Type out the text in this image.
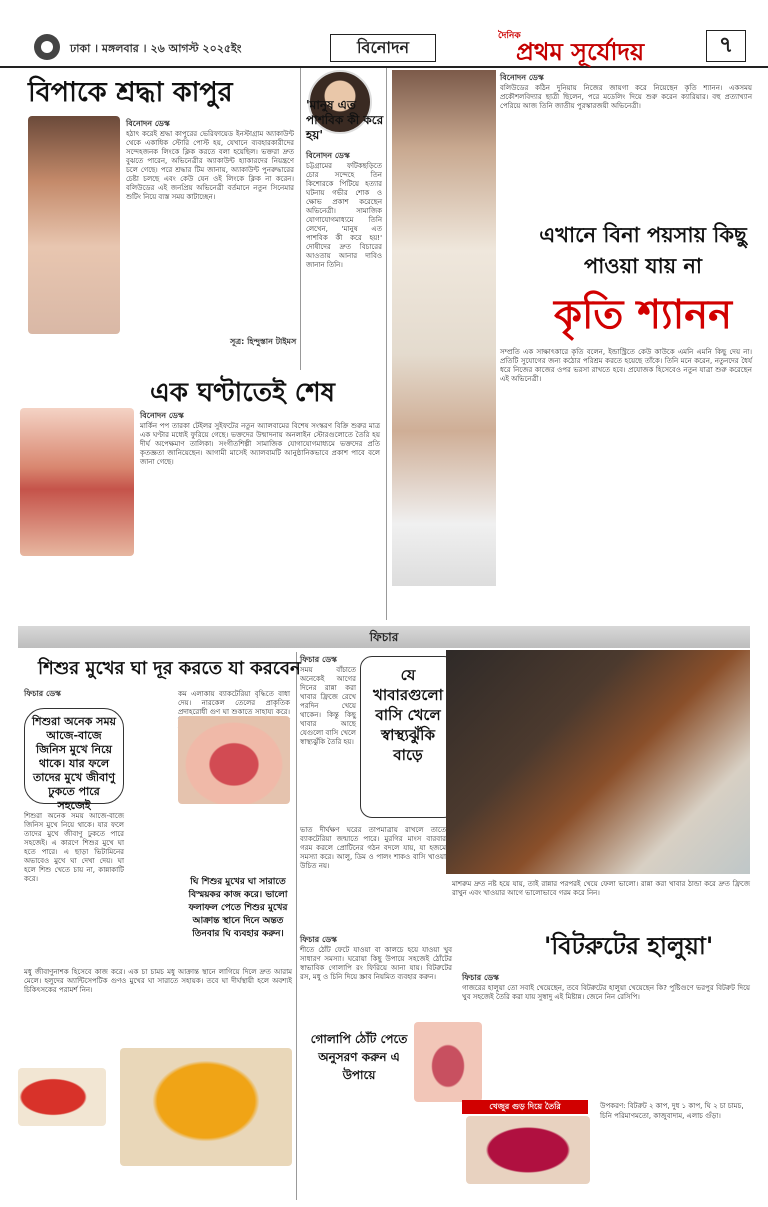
ঢাকা । মঙ্গলবার । ২৬ আগস্ট ২০২৫ইং	বিনোদন
দৈনিক
প্রথম সূর্যোদয়	৭
বিপাকে শ্রদ্ধা কাপুর
বিনোদন ডেস্ক
হঠাৎ করেই শ্রদ্ধা কাপুরের ভেরিফায়েড ইনস্টাগ্রাম অ্যাকাউন্ট থেকে একাধিক স্টোরি পোস্ট হয়, যেখানে ব্যবহারকারীদের সন্দেহজনক লিংকে ক্লিক করতে বলা হয়েছিল। ভক্তরা দ্রুত বুঝতে পারেন, অভিনেত্রীর অ্যাকাউন্ট হ্যাকারদের নিয়ন্ত্রণে চলে গেছে। পরে শ্রদ্ধার টিম জানায়, অ্যাকাউন্ট পুনরুদ্ধারের চেষ্টা চলছে এবং কেউ যেন ওই লিংকে ক্লিক না করেন। বলিউডের এই জনপ্রিয় অভিনেত্রী বর্তমানে নতুন সিনেমার শুটিং নিয়ে ব্যস্ত সময় কাটাচ্ছেন।
সূত্র: হিন্দুস্তান টাইমস
'মানুষ এত পাশবিক কী করে হয়'
বিনোদন ডেস্ক
চট্টগ্রামের ফটিকছড়িতে চোর সন্দেহে তিন কিশোরকে পিটিয়ে হত্যার ঘটনায় গভীর শোক ও ক্ষোভ প্রকাশ করেছেন অভিনেত্রী। সামাজিক যোগাযোগমাধ্যমে তিনি লেখেন, 'মানুষ এত পাশবিক কী করে হয়!' দোষীদের দ্রুত বিচারের আওতায় আনার দাবিও জানান তিনি।
এক ঘণ্টাতেই শেষ
বিনোদন ডেস্ক
মার্কিন পপ তারকা টেইলর সুইফটের নতুন অ্যালবামের বিশেষ সংস্করণ বিক্রি শুরুর মাত্র এক ঘণ্টার মধ্যেই ফুরিয়ে গেছে। ভক্তদের উন্মাদনায় অনলাইন স্টোরগুলোতে তৈরি হয় দীর্ঘ অপেক্ষমাণ তালিকা। সংগীতশিল্পী সামাজিক যোগাযোগমাধ্যমে ভক্তদের প্রতি কৃতজ্ঞতা জানিয়েছেন। আগামী মাসেই অ্যালবামটি আনুষ্ঠানিকভাবে প্রকাশ পাবে বলে জানা গেছে।
বিনোদন ডেস্ক
বলিউডের কঠিন দুনিয়ায় নিজের জায়গা করে নিয়েছেন কৃতি শ্যানন। একসময় প্রকৌশলবিদ্যার ছাত্রী ছিলেন, পরে মডেলিং দিয়ে শুরু করেন ক্যারিয়ার। বহু প্রত্যাখ্যান পেরিয়ে আজ তিনি জাতীয় পুরস্কারজয়ী অভিনেত্রী।
এখানে বিনা পয়সায় কিছু পাওয়া যায় না
কৃতি শ্যানন
সম্প্রতি এক সাক্ষাৎকারে কৃতি বলেন, ইন্ডাস্ট্রিতে কেউ কাউকে এমনি এমনি কিছু দেয় না। প্রতিটি সুযোগের জন্য কঠোর পরিশ্রম করতে হয়েছে তাঁকে। তিনি মনে করেন, নতুনদের ধৈর্য ধরে নিজের কাজের ওপর ভরসা রাখতে হবে। প্রযোজক হিসেবেও নতুন যাত্রা শুরু করেছেন এই অভিনেত্রী।
ফিচার
শিশুর মুখের ঘা দূর করতে যা করবেন
ফিচার ডেস্ক
শিশুরা অনেক সময় আজে-বাজে জিনিস মুখে নিয়ে থাকে। যার ফলে তাদের মুখে জীবাণু ঢুকতে পারে সহজেই
শিশুরা অনেক সময় আজে-বাজে জিনিস মুখে নিয়ে থাকে। যার ফলে তাদের মুখে জীবাণু ঢুকতে পারে সহজেই। এ কারণে শিশুর মুখে ঘা হতে পারে। এ ছাড়া ভিটামিনের অভাবেও মুখে ঘা দেখা দেয়। ঘা হলে শিশু খেতে চায় না, কান্নাকাটি করে।
কম এলাকায় ব্যাকটেরিয়া বৃদ্ধিতে বাধা দেয়। নারকেল তেলের প্রাকৃতিক প্রদাহরোধী গুণ ঘা শুকাতে সাহায্য করে।
ঘি শিশুর মুখের ঘা সারাতে বিস্ময়কর কাজ করে। ভালো ফলাফল পেতে শিশুর মুখের আক্রান্ত স্থানে দিনে অন্তত তিনবার ঘি ব্যবহার করুন।
মধু জীবাণুনাশক হিসেবে কাজ করে। এক চা চামচ মধু আক্রান্ত স্থানে লাগিয়ে দিলে দ্রুত আরাম মেলে। হলুদের অ্যান্টিসেপটিক গুণও মুখের ঘা সারাতে সহায়ক। তবে ঘা দীর্ঘস্থায়ী হলে অবশ্যই চিকিৎসকের পরামর্শ নিন।
ফিচার ডেস্ক
সময় বাঁচাতে অনেকেই আগের দিনের রান্না করা খাবার ফ্রিজে রেখে পরদিন খেয়ে থাকেন। কিন্তু কিছু খাবার আছে যেগুলো বাসি খেলে স্বাস্থ্যঝুঁকি তৈরি হয়।
যে খাবারগুলো বাসি খেলে স্বাস্থ্যঝুঁকি বাড়ে
ভাত দীর্ঘক্ষণ ঘরের তাপমাত্রায় রাখলে তাতে ব্যাকটেরিয়া জন্মাতে পারে। মুরগির মাংস বারবার গরম করলে প্রোটিনের গঠন বদলে যায়, যা হজমে সমস্যা করে। আলু, ডিম ও পালং শাকও বাসি খাওয়া উচিত নয়।
মাশরুম দ্রুত নষ্ট হয়ে যায়, তাই রান্নার পরপরই খেয়ে ফেলা ভালো। রান্না করা খাবার ঠান্ডা করে দ্রুত ফ্রিজে রাখুন এবং খাওয়ার আগে ভালোভাবে গরম করে নিন।
ফিচার ডেস্ক
শীতে ঠোঁট ফেটে যাওয়া বা কালচে হয়ে যাওয়া খুব সাধারণ সমস্যা। ঘরোয়া কিছু উপায়ে সহজেই ঠোঁটের স্বাভাবিক গোলাপি রং ফিরিয়ে আনা যায়। বিটরুটের রস, মধু ও চিনি দিয়ে স্ক্রাব নিয়মিত ব্যবহার করুন।
গোলাপি ঠোঁট পেতে অনুসরণ করুন এ উপায়ে
'বিটরুটের হালুয়া'
ফিচার ডেস্ক
গাজরের হালুয়া তো সবাই খেয়েছেন, তবে বিটরুটের হালুয়া খেয়েছেন কি? পুষ্টিগুণে ভরপুর বিটরুট দিয়ে খুব সহজেই তৈরি করা যায় সুস্বাদু এই মিষ্টান্ন। জেনে নিন রেসিপি।
খেজুর গুড় দিয়ে তৈরি	উপকরণ: বিটরুট ২ কাপ, দুধ ১ কাপ, ঘি ২ চা চামচ, চিনি পরিমাণমতো, কাজুবাদাম, এলাচ গুঁড়া।
